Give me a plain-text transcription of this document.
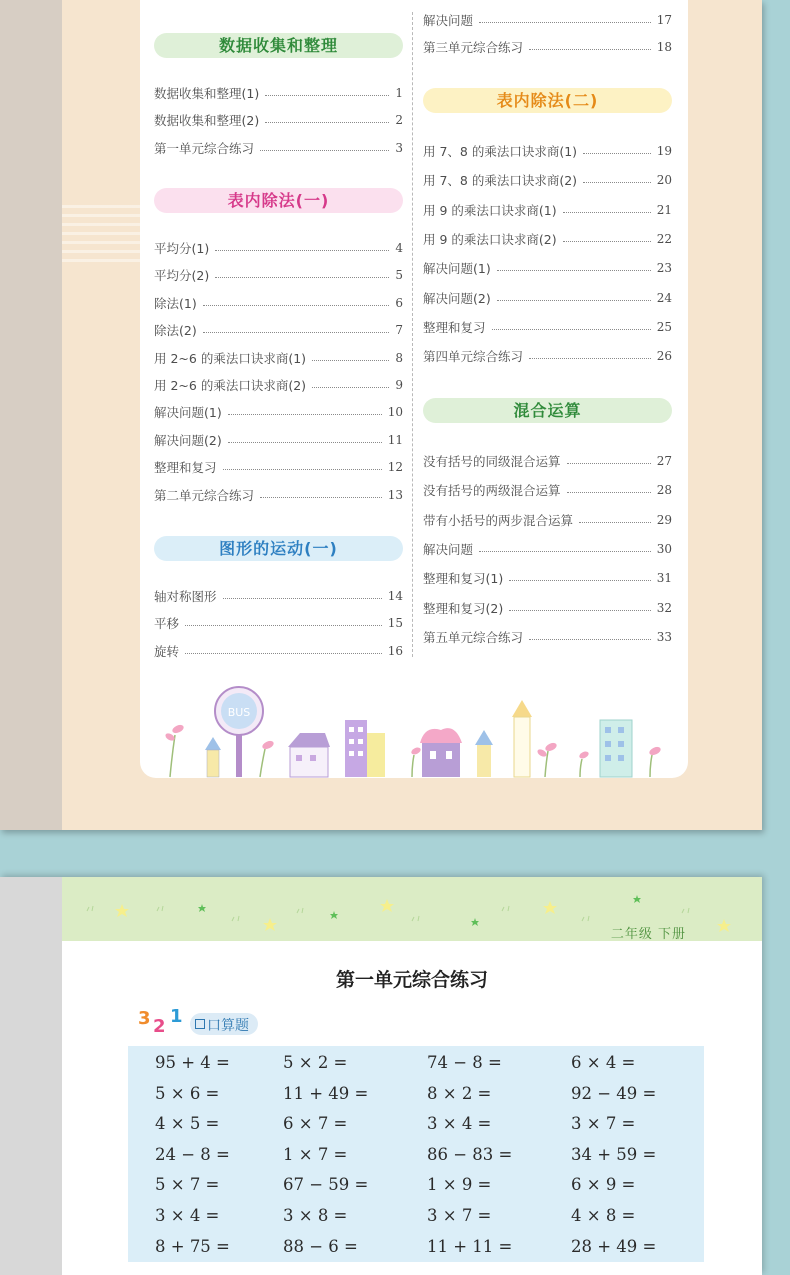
数据收集和整理
数据收集和整理(1)	1
数据收集和整理(2)	2
第一单元综合练习	3
表内除法(一)
平均分(1)	4
平均分(2)	5
除法(1)	6
除法(2)	7
用 2~6 的乘法口诀求商(1)	8
用 2~6 的乘法口诀求商(2)	9
解决问题(1)	10
解决问题(2)	11
整理和复习	12
第二单元综合练习	13
图形的运动(一)
轴对称图形	14
平移	15
旋转	16
解决问题	17
第三单元综合练习	18
表内除法(二)
用 7、8 的乘法口诀求商(1)	19
用 7、8 的乘法口诀求商(2)	20
用 9 的乘法口诀求商(1)	21
用 9 的乘法口诀求商(2)	22
解决问题(1)	23
解决问题(2)	24
整理和复习	25
第四单元综合练习	26
混合运算
没有括号的同级混合运算	27
没有括号的两级混合运算	28
带有小括号的两步混合运算	29
解决问题	30
整理和复习(1)	31
整理和复习(2)	32
第五单元综合练习	33
BUS
二年级 下册
第一单元综合练习
3 2 1 口算题
95 + 4 =	5 × 2 =	74 − 8 =	6 × 4 =
5 × 6 =	11 + 49 =	8 × 2 =	92 − 49 =
4 × 5 =	6 × 7 =	3 × 4 =	3 × 7 =
24 − 8 =	1 × 7 =	86 − 83 =	34 + 59 =
5 × 7 =	67 − 59 =	1 × 9 =	6 × 9 =
3 × 4 =	3 × 8 =	3 × 7 =	4 × 8 =
8 + 75 =	88 − 6 =	11 + 11 =	28 + 49 =
